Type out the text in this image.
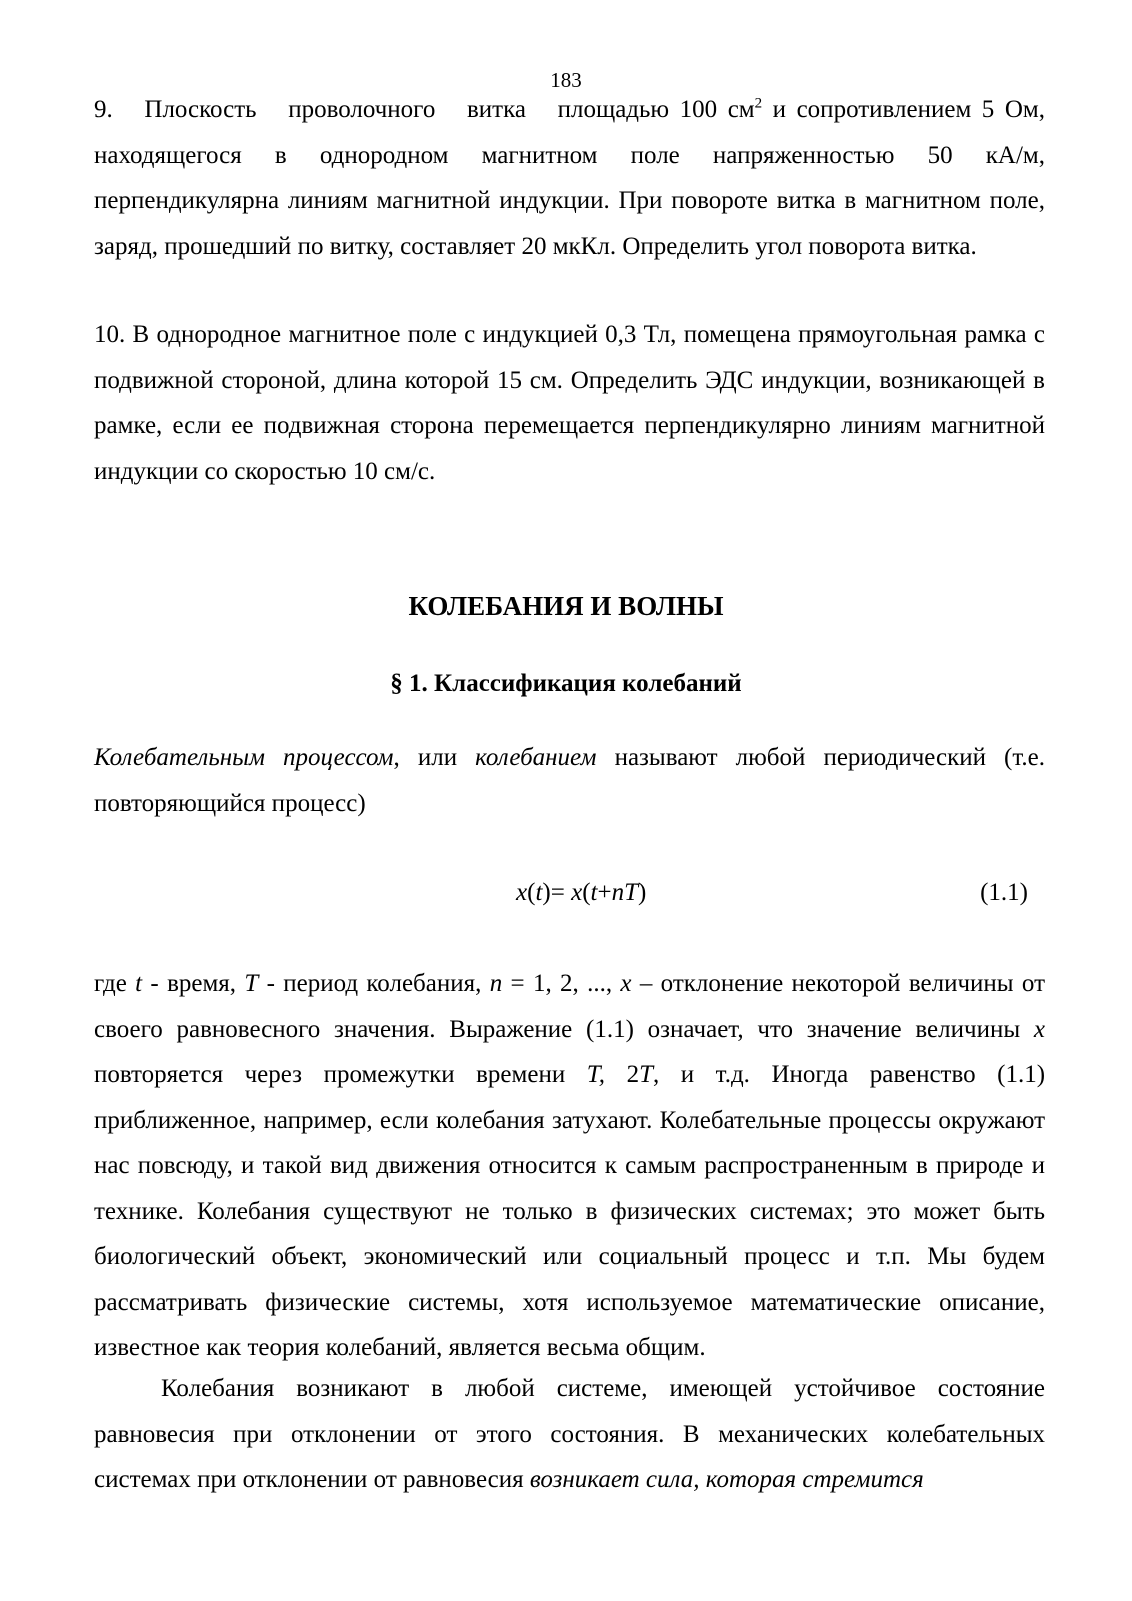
183

9.   Плоскость   проволочного   витка   площадью 100 $см^2$ и сопротивлением 5 Ом, находящегося в однородном магнитном поле напряженностью 50 кА/м, перпендикулярна линиям магнитной индукции. При повороте витка в магнитном поле, заряд, прошедший по витку, составляет 20 мкКл. Определить угол поворота витка.

10. В однородное магнитное поле с индукцией 0,3 Тл, помещена прямоугольная рамка с подвижной стороной, длина которой 15 см. Определить ЭДС индукции, возникающей в рамке, если ее подвижная сторона перемещается перпендикулярно линиям магнитной индукции со скоростью 10 см/с.

КОЛЕБАНИЯ И ВОЛНЫ
§ 1. Классификация колебаний

Колебательным процессом, или колебанием называют любой периодический (т.е. повторяющийся процесс)

x(t)= x(t+nT)	(1.1)

где t - время, T - период колебания, n = 1, 2, ..., x – отклонение некоторой величины от своего равновесного значения. Выражение (1.1) означает, что значение величины x повторяется через промежутки времени T, 2T, и т.д. Иногда равенство (1.1) приближенное, например, если колебания затухают. Колебательные процессы окружают нас повсюду, и такой вид движения относится к самым распространенным в природе и технике. Колебания существуют не только в физических системах; это может быть биологический объект, экономический или социальный процесс и т.п. Мы будем рассматривать физические системы, хотя используемое математические описание, известное как теория колебаний, является весьма общим.

Колебания возникают в любой системе, имеющей устойчивое состояние равновесия при отклонении от этого состояния. В механических колебательных системах при отклонении от равновесия возникает сила, которая стремится
